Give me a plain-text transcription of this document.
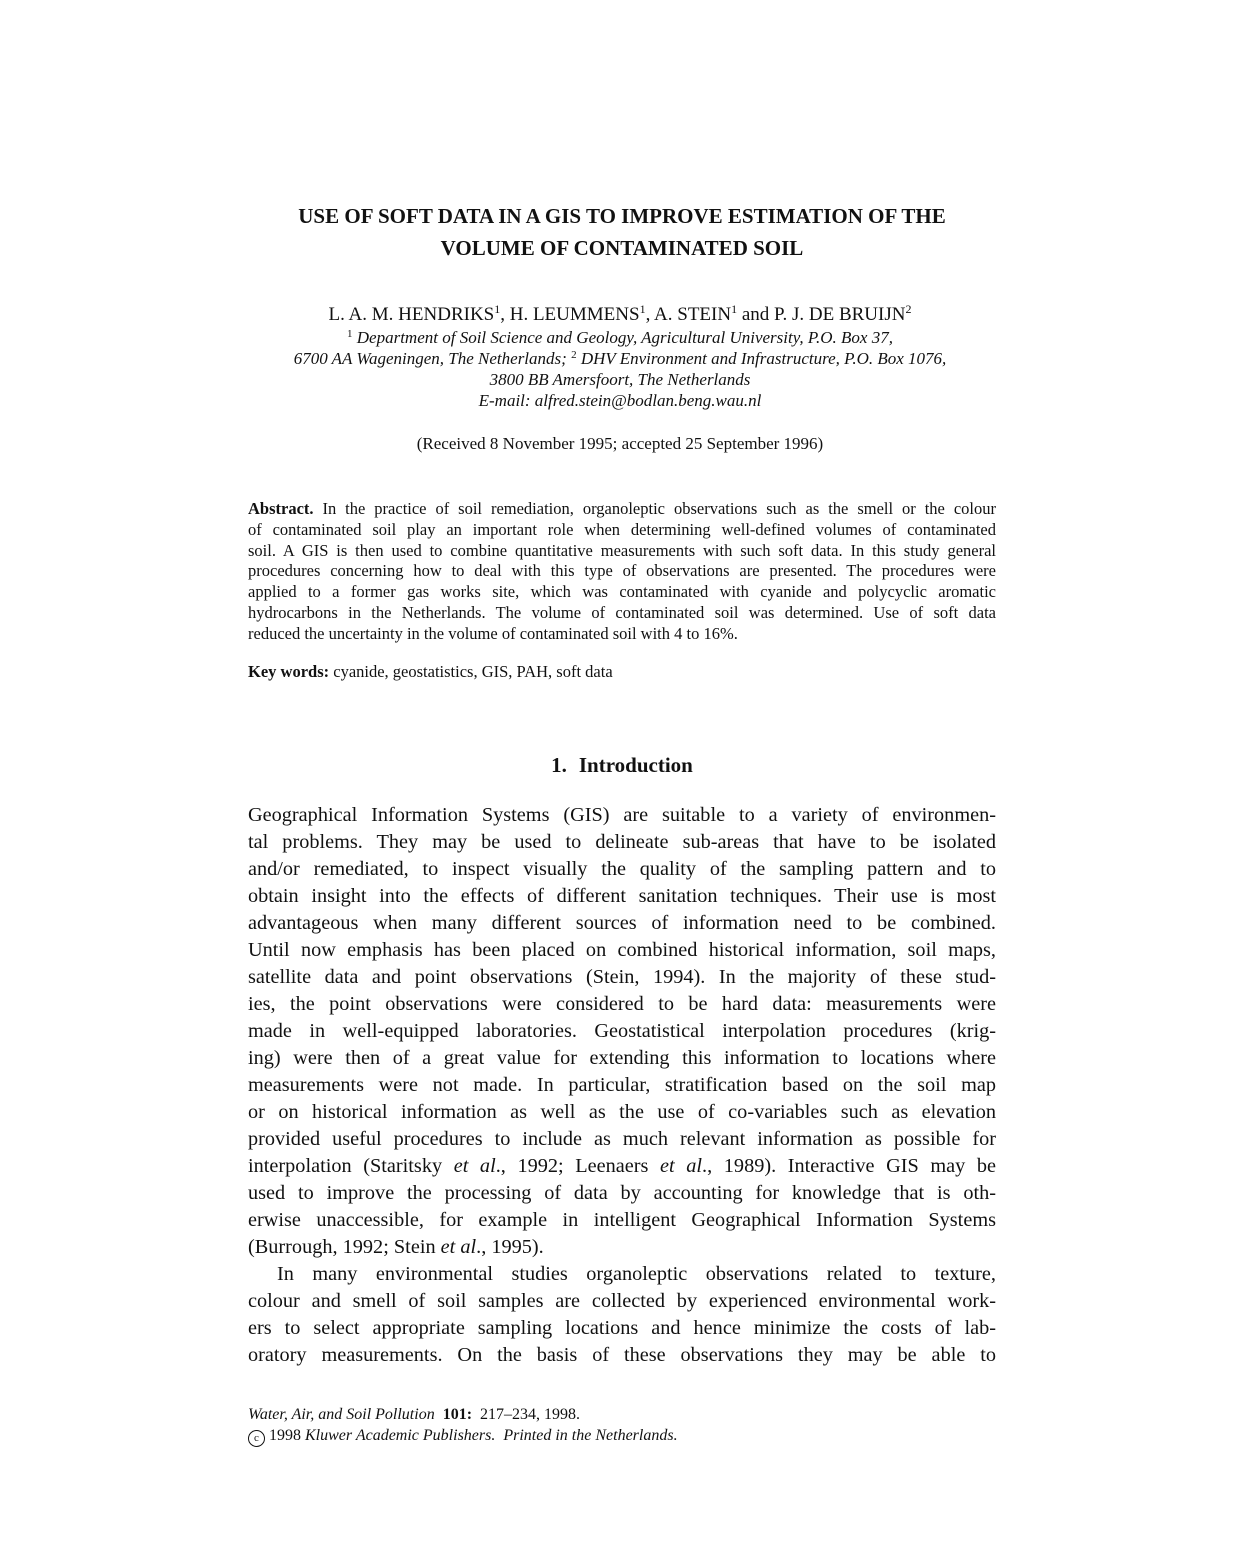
USE OF SOFT DATA IN A GIS TO IMPROVE ESTIMATION OF THE
VOLUME OF CONTAMINATED SOIL
L. A. M. HENDRIKS$^1$, H. LEUMMENS$^1$, A. STEIN$^1$ and P. J. DE BRUIJN$^2$
$^1$ Department of Soil Science and Geology, Agricultural University, P.O. Box 37,
6700 AA Wageningen, The Netherlands; $^2$ DHV Environment and Infrastructure, P.O. Box 1076,
3800 BB Amersfoort, The Netherlands
E-mail: alfred.stein@bodlan.beng.wau.nl
(Received 8 November 1995; accepted 25 September 1996)
Abstract. In the practice of soil remediation, organoleptic observations such as the smell or the colour
of contaminated soil play an important role when determining well-defined volumes of contaminated
soil. A GIS is then used to combine quantitative measurements with such soft data. In this study general
procedures concerning how to deal with this type of observations are presented. The procedures were
applied to a former gas works site, which was contaminated with cyanide and polycyclic aromatic
hydrocarbons in the Netherlands. The volume of contaminated soil was determined. Use of soft data
reduced the uncertainty in the volume of contaminated soil with 4 to 16%.
Key words: cyanide, geostatistics, GIS, PAH, soft data
1. Introduction
Geographical Information Systems (GIS) are suitable to a variety of environmen-
tal problems. They may be used to delineate sub-areas that have to be isolated
and/or remediated, to inspect visually the quality of the sampling pattern and to
obtain insight into the effects of different sanitation techniques. Their use is most
advantageous when many different sources of information need to be combined.
Until now emphasis has been placed on combined historical information, soil maps,
satellite data and point observations (Stein, 1994). In the majority of these stud-
ies, the point observations were considered to be hard data: measurements were
made in well-equipped laboratories. Geostatistical interpolation procedures (krig-
ing) were then of a great value for extending this information to locations where
measurements were not made. In particular, stratification based on the soil map
or on historical information as well as the use of co-variables such as elevation
provided useful procedures to include as much relevant information as possible for
interpolation (Staritsky et al., 1992; Leenaers et al., 1989). Interactive GIS may be
used to improve the processing of data by accounting for knowledge that is oth-
erwise unaccessible, for example in intelligent Geographical Information Systems
(Burrough, 1992; Stein et al., 1995).
In many environmental studies organoleptic observations related to texture,
colour and smell of soil samples are collected by experienced environmental work-
ers to select appropriate sampling locations and hence minimize the costs of lab-
oratory measurements. On the basis of these observations they may be able to
Water, Air, and Soil Pollution 101: 217–234, 1998.
c 1998 Kluwer Academic Publishers. Printed in the Netherlands.
